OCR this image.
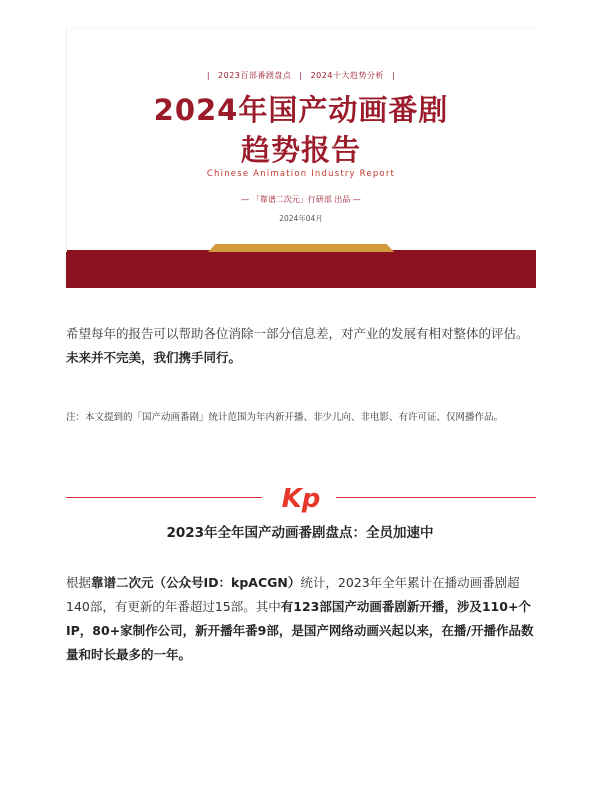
| 2023百部番剧盘点 | 2024十大趋势分析 |
2024年国产动画番剧
趋势报告
Chinese Animation Industry Report
— 「靠谱二次元」行研部 出品 —
2024年04月

希望每年的报告可以帮助各位消除一部分信息差，对产业的发展有相对整体的评估。未来并不完美，我们携手同行。

注：本文提到的「国产动画番剧」统计范围为年内新开播、非少儿向、非电影、有许可证、仅网播作品。

Kp
2023年全年国产动画番剧盘点：全员加速中

根据靠谱二次元（公众号ID：kpACGN）统计，2023年全年累计在播动画番剧超140部，有更新的年番超过15部。其中有123部国产动画番剧新开播，涉及110+个IP，80+家制作公司，新开播年番9部，是国产网络动画兴起以来，在播/开播作品数量和时长最多的一年。
